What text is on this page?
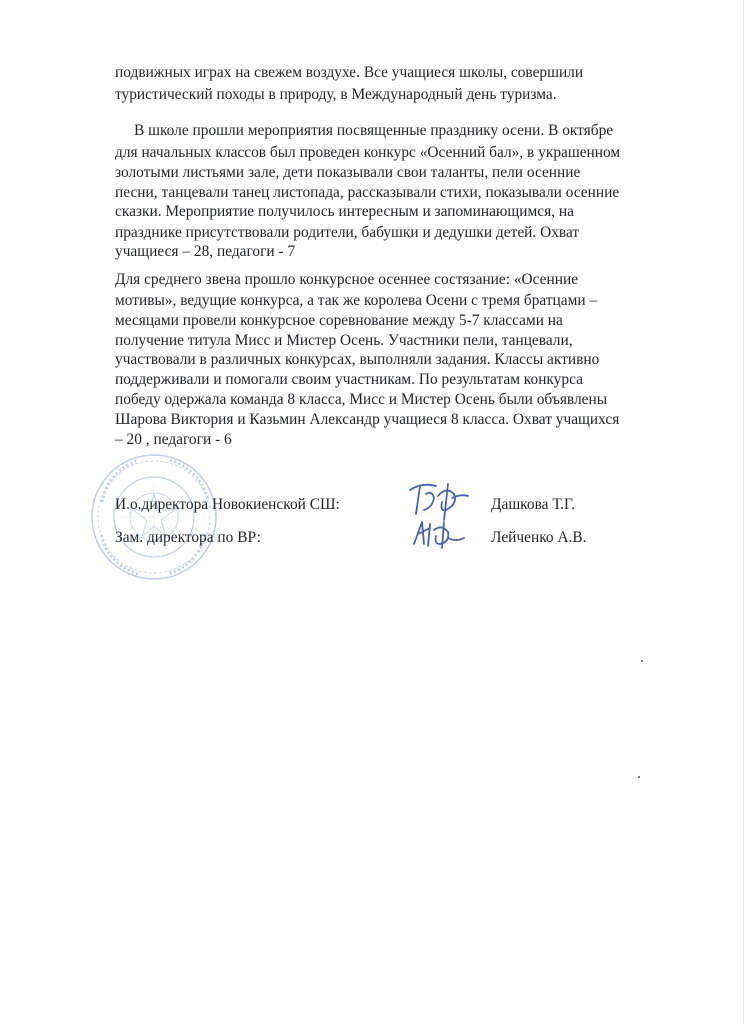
подвижных играх на свежем воздухе. Все учащиеся школы, совершили
туристический походы в природу, в Международный день туризма.
В школе прошли мероприятия посвященные празднику осени. В октябре
для начальных классов был проведен конкурс «Осенний бал», в украшенном
золотыми листьями зале, дети показывали свои таланты, пели осенние
песни, танцевали танец листопада, рассказывали стихи, показывали осенние
сказки. Мероприятие получилось интересным и запоминающимся, на
празднике присутствовали родители, бабушки и дедушки детей. Охват
учащиеся – 28, педагоги - 7
Для среднего звена прошло конкурсное осеннее состязание: «Осенние
мотивы», ведущие конкурса, а так же королева Осени с тремя братцами –
месяцами провели конкурсное соревнование между 5-7 классами на
получение титула Мисс и Мистер Осень. Участники пели, танцевали,
участвовали в различных конкурсах, выполняли задания. Классы активно
поддерживали и помогали своим участникам. По результатам конкурса
победу одержала команда 8 класса, Мисс и Мистер Осень были объявлены
Шарова Виктория и Казьмин Александр учащиеся 8 класса. Охват учащихся
– 20 , педагоги - 6
И.о.директора Новокиенской СШ:	Дашкова Т.Г.
Зам. директора по ВР:	Лейченко А.В.
